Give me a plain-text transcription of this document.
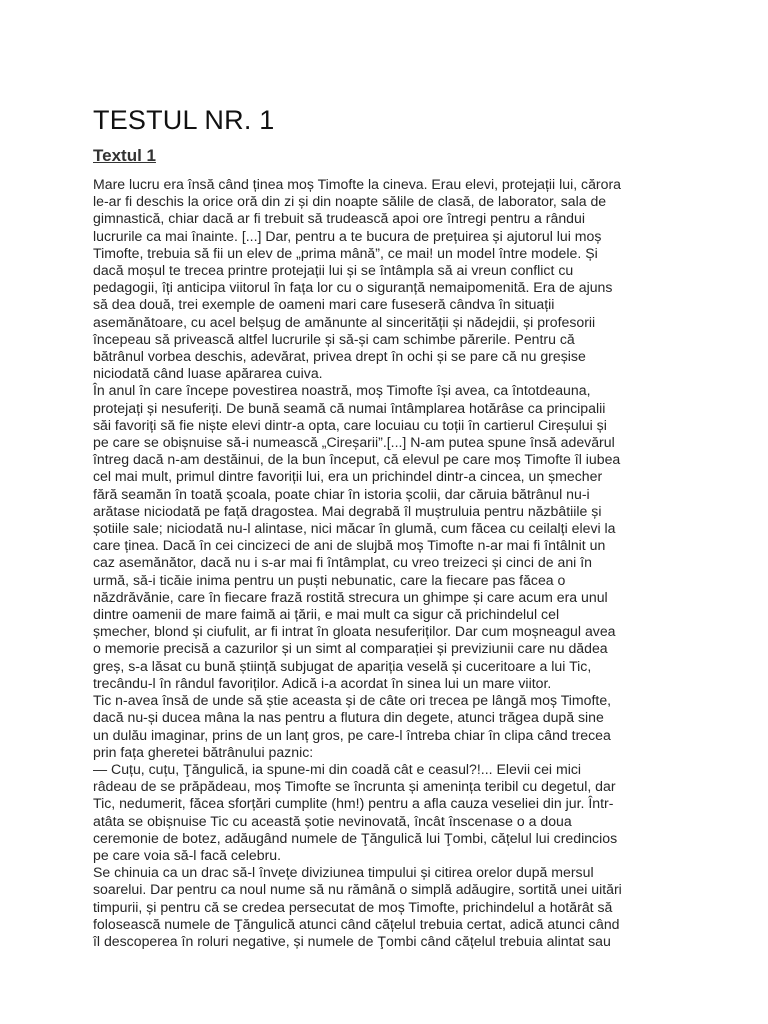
TESTUL NR. 1
Textul 1
Mare lucru era însă când ținea moș Timofte la cineva. Erau elevi, protejații lui, cărora
le-ar fi deschis la orice oră din zi și din noapte sălile de clasă, de laborator, sala de
gimnastică, chiar dacă ar fi trebuit să trudească apoi ore întregi pentru a rândui
lucrurile ca mai înainte. [...] Dar, pentru a te bucura de prețuirea și ajutorul lui moș
Timofte, trebuia să fii un elev de „prima mână”, ce mai! un model între modele. Și
dacă moșul te trecea printre protejații lui și se întâmpla să ai vreun conflict cu
pedagogii, îți anticipa viitorul în fața lor cu o siguranță nemaipomenită. Era de ajuns
să dea două, trei exemple de oameni mari care fuseseră cândva în situații
asemănătoare, cu acel belșug de amănunte al sincerității și nădejdii, și profesorii
începeau să privească altfel lucrurile și să-și cam schimbe părerile. Pentru că
bătrânul vorbea deschis, adevărat, privea drept în ochi și se pare că nu greșise
niciodată când luase apărarea cuiva.
În anul în care începe povestirea noastră, moș Timofte își avea, ca întotdeauna,
protejați și nesuferiți. De bună seamă că numai întâmplarea hotărâse ca principalii
săi favoriți să fie niște elevi dintr-a opta, care locuiau cu toții în cartierul Cireșului și
pe care se obișnuise să-i numească „Cireșarii”.[...] N-am putea spune însă adevărul
întreg dacă n-am destăinui, de la bun început, că elevul pe care moș Timofte îl iubea
cel mai mult, primul dintre favoriții lui, era un prichindel dintr-a cincea, un șmecher
fără seamăn în toată școala, poate chiar în istoria școlii, dar căruia bătrânul nu-i
arătase niciodată pe față dragostea. Mai degrabă îl muștruluia pentru năzbâtiile și
șotiile sale; niciodată nu-l alintase, nici măcar în glumă, cum făcea cu ceilalți elevi la
care ținea. Dacă în cei cincizeci de ani de slujbă moș Timofte n-ar mai fi întâlnit un
caz asemănător, dacă nu i s-ar mai fi întâmplat, cu vreo treizeci și cinci de ani în
urmă, să-i ticăie inima pentru un puști nebunatic, care la fiecare pas făcea o
năzdrăvănie, care în fiecare frază rostită strecura un ghimpe și care acum era unul
dintre oamenii de mare faimă ai țării, e mai mult ca sigur că prichindelul cel
șmecher, blond și ciufulit, ar fi intrat în gloata nesuferiților. Dar cum moșneagul avea
o memorie precisă a cazurilor și un simt al comparației și previziunii care nu dădea
greș, s-a lăsat cu bună știință subjugat de apariția veselă și cuceritoare a lui Tic,
trecându-l în rândul favoriților. Adică i-a acordat în sinea lui un mare viitor.
Tic n-avea însă de unde să știe aceasta și de câte ori trecea pe lângă moș Timofte,
dacă nu-și ducea mâna la nas pentru a flutura din degete, atunci trăgea după sine
un dulău imaginar, prins de un lanț gros, pe care-l întreba chiar în clipa când trecea
prin fața gheretei bătrânului paznic:
— Cuțu, cuțu, Ţăngulică, ia spune-mi din coadă cât e ceasul?!... Elevii cei mici
râdeau de se prăpădeau, moș Timofte se încrunta și amenința teribil cu degetul, dar
Tic, nedumerit, făcea sforțări cumplite (hm!) pentru a afla cauza veseliei din jur. Într-
atâta se obișnuise Tic cu această șotie nevinovată, încât înscenase o a doua
ceremonie de botez, adăugând numele de Ţăngulică lui Ţombi, cățelul lui credincios
pe care voia să-l facă celebru.
Se chinuia ca un drac să-l învețe diviziunea timpului și citirea orelor după mersul
soarelui. Dar pentru ca noul nume să nu rămână o simplă adăugire, sortită unei uitări
timpurii, și pentru că se credea persecutat de moș Timofte, prichindelul a hotărât să
folosească numele de Ţăngulică atunci când cățelul trebuia certat, adică atunci când
îl descoperea în roluri negative, și numele de Ţombi când cățelul trebuia alintat sau
